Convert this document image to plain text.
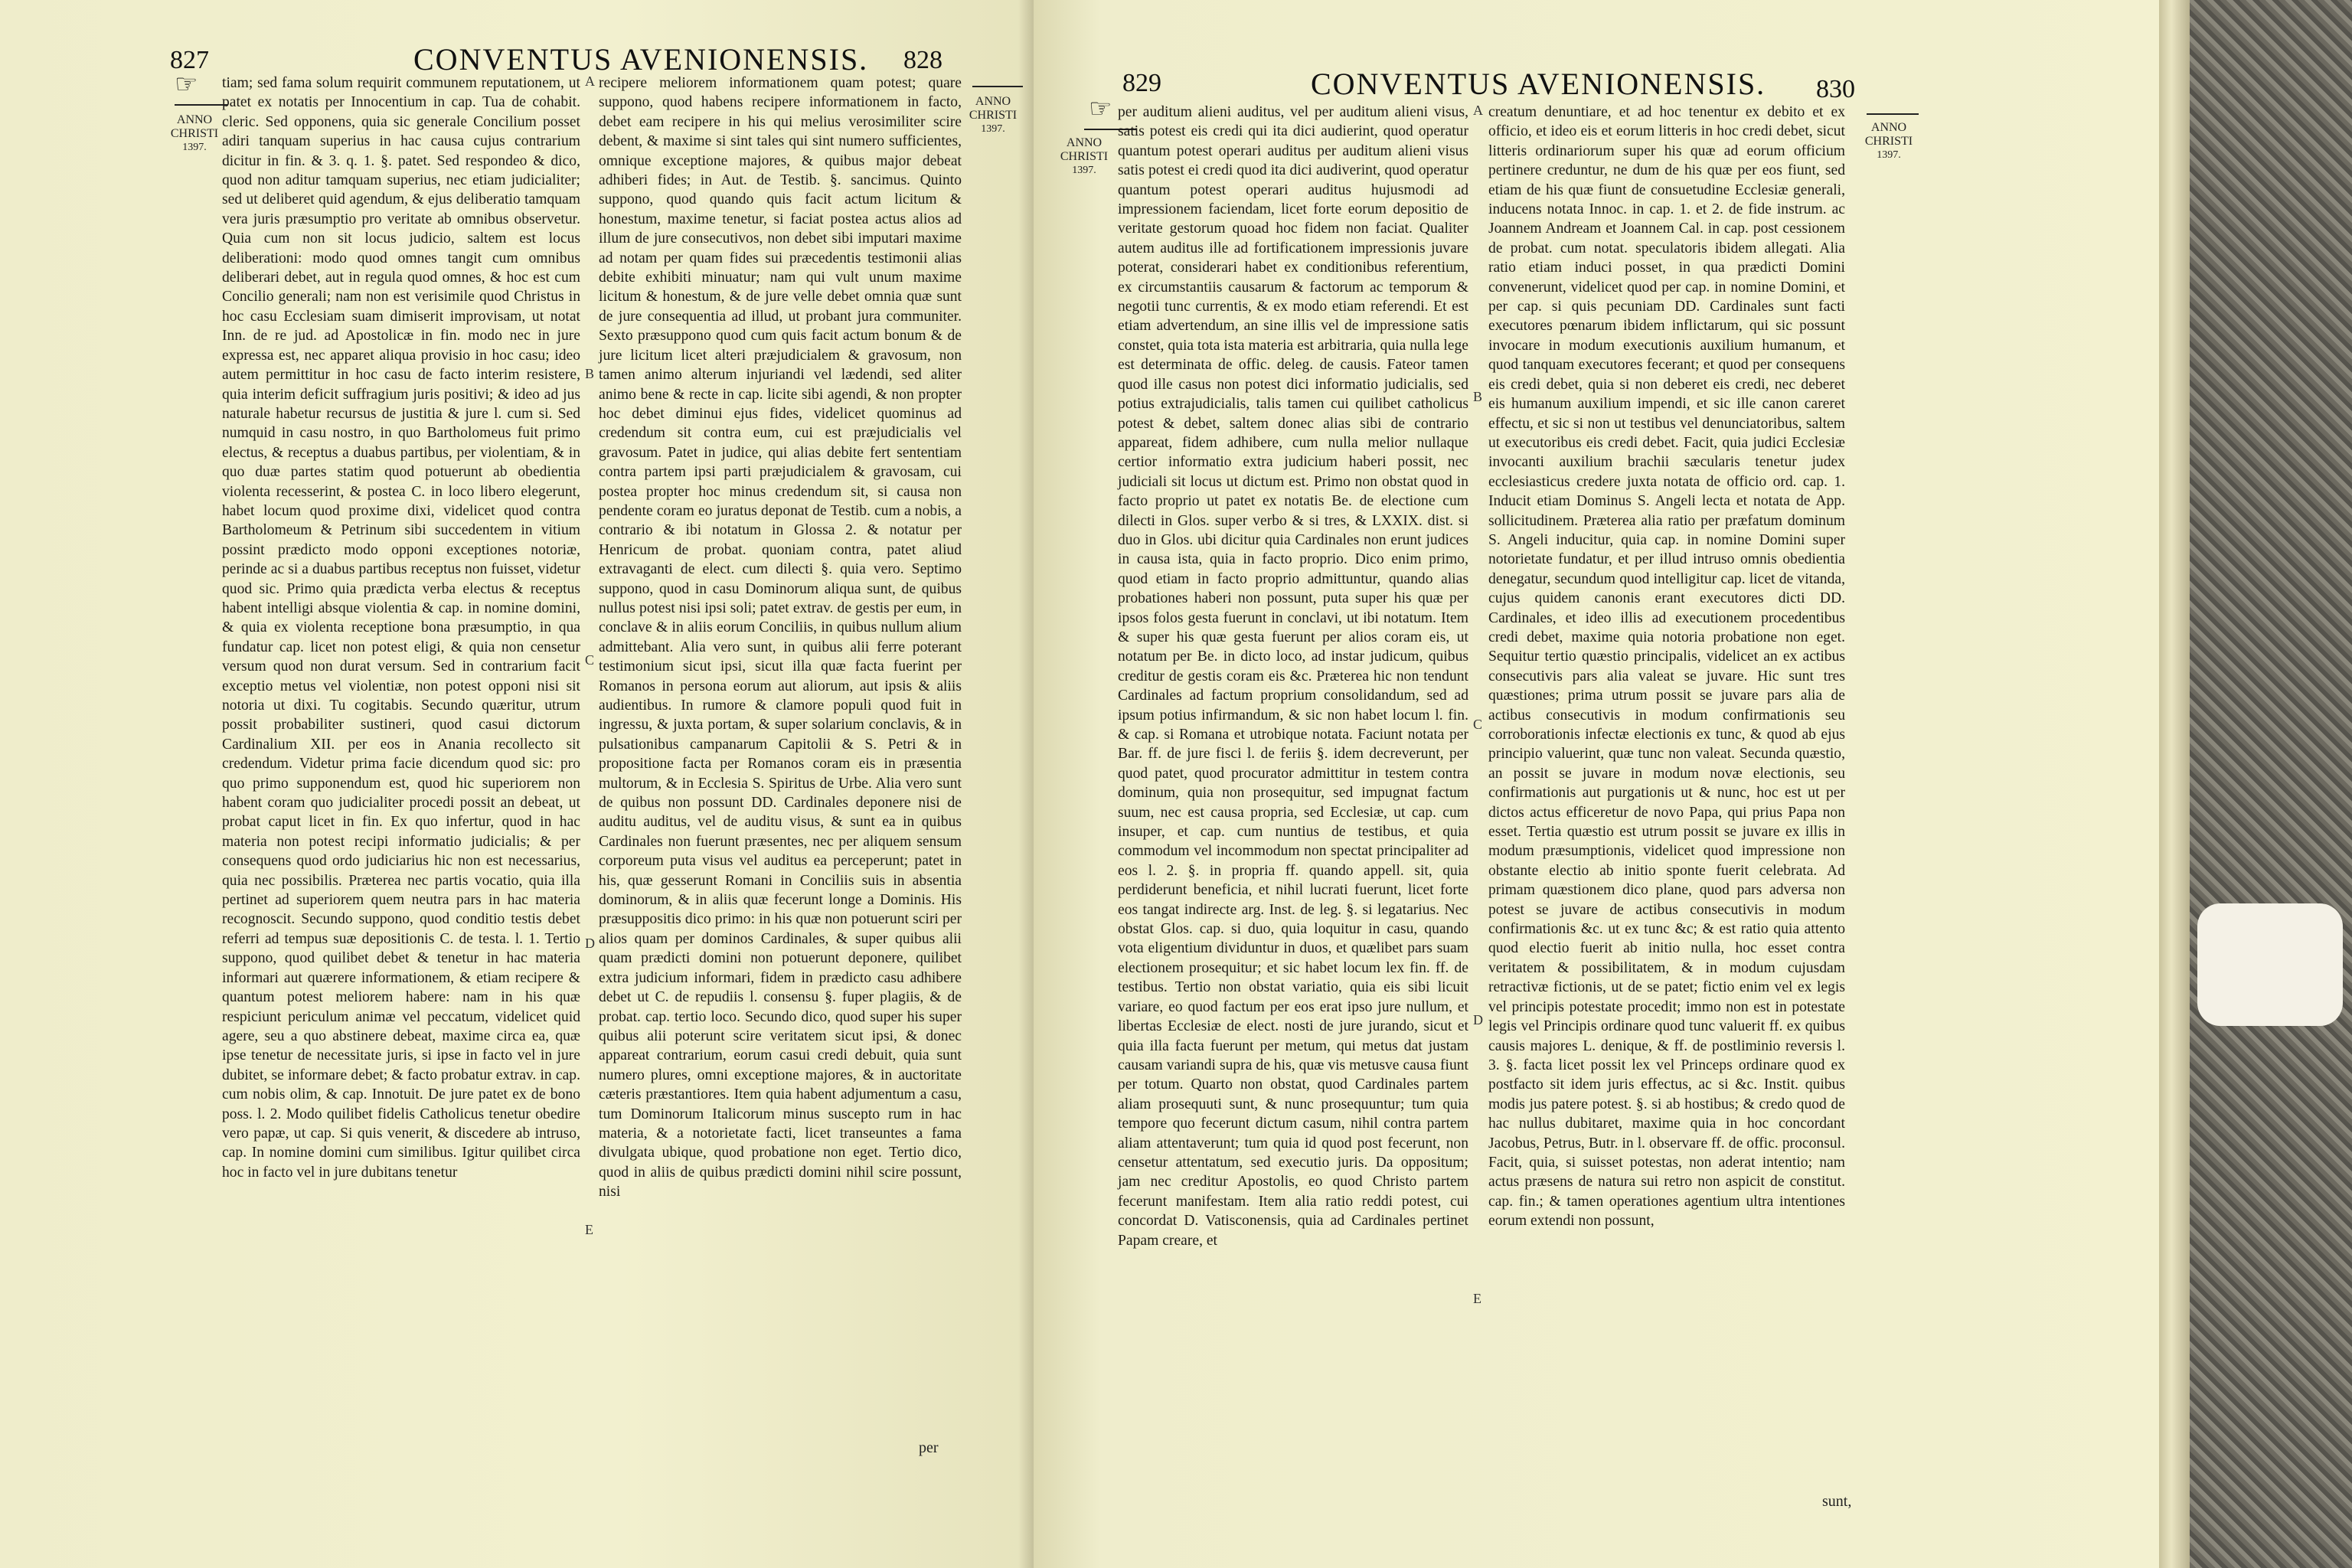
827	CONVENTUS AVENIONENSIS. 828
☞
ANNO CHRISTI
1397.
ANNO CHRISTI
1397.
A
B
C
D
E

tiam; sed fama solum requirit communem reputationem, ut patet ex notatis per Innocentium in cap. Tua de cohabit. cleric. Sed opponens, quia sic generale Concilium posset adiri tanquam superius in hac causa cujus contrarium dicitur in fin. & 3. q. 1. §. patet. Sed respondeo & dico, quod non aditur tamquam superius, nec etiam judicialiter; sed ut deliberet quid agendum, & ejus deliberatio tamquam vera juris præsumptio pro veritate ab omnibus observetur. Quia cum non sit locus judicio, saltem est locus deliberationi: modo quod omnes tangit cum omnibus deliberari debet, aut in regula quod omnes, & hoc est cum Concilio generali; nam non est verisimile quod Christus in hoc casu Ecclesiam suam dimiserit improvisam, ut notat Inn. de re jud. ad Apostolicæ in fin. modo nec in jure expressa est, nec apparet aliqua provisio in hoc casu; ideo autem permittitur in hoc casu de facto interim resistere, quia interim deficit suffragium juris positivi; & ideo ad jus naturale habetur recursus de justitia & jure l. cum si. Sed numquid in casu nostro, in quo Bartholomeus fuit primo electus, & receptus a duabus partibus, per violentiam, & in quo duæ partes statim quod potuerunt ab obedientia violenta recesserint, & postea C. in loco libero elegerunt, habet locum quod proxime dixi, videlicet quod contra Bartholomeum & Petrinum sibi succedentem in vitium possint prædicto modo opponi exceptiones notoriæ, perinde ac si a duabus partibus receptus non fuisset, videtur quod sic. Primo quia prædicta verba electus & receptus habent intelligi absque violentia & cap. in nomine domini, & quia ex violenta receptione bona præsumptio, in qua fundatur cap. licet non potest eligi, & quia non censetur versum quod non durat versum. Sed in contrarium facit exceptio metus vel violentiæ, non potest opponi nisi sit notoria ut dixi. Tu cogitabis. Secundo quæritur, utrum possit probabiliter sustineri, quod casui dictorum Cardinalium XII. per eos in Anania recollecto sit credendum. Videtur prima facie dicendum quod sic: pro quo primo supponendum est, quod hic superiorem non habent coram quo judicialiter procedi possit an debeat, ut probat caput licet in fin. Ex quo infertur, quod in hac materia non potest recipi informatio judicialis; & per consequens quod ordo judiciarius hic non est necessarius, quia nec possibilis. Præterea nec partis vocatio, quia illa pertinet ad superiorem quem neutra pars in hac materia recognoscit. Secundo suppono, quod conditio testis debet referri ad tempus suæ depositionis C. de testa. l. 1. Tertio suppono, quod quilibet debet & tenetur in hac materia informari aut quærere informationem, & etiam recipere & quantum potest meliorem habere: nam in his quæ respiciunt periculum animæ vel peccatum, videlicet quid agere, seu a quo abstinere debeat, maxime circa ea, quæ ipse tenetur de necessitate juris, si ipse in facto vel in jure dubitet, se informare debet; & facto probatur extrav. in cap. cum nobis olim, & cap. Innotuit. De jure patet ex de bono poss. l. 2. Modo quilibet fidelis Catholicus tenetur obedire vero papæ, ut cap. Si quis venerit, & discedere ab intruso, cap. In nomine domini cum similibus. Igitur quilibet circa hoc in facto vel in jure dubitans tenetur

recipere meliorem informationem quam potest; quare suppono, quod habens recipere informationem in facto, debet eam recipere in his qui melius verosimiliter scire debent, & maxime si sint tales qui sint numero sufficientes, omnique exceptione majores, & quibus major debeat adhiberi fides; in Aut. de Testib. §. sancimus. Quinto suppono, quod quando quis facit actum licitum & honestum, maxime tenetur, si faciat postea actus alios ad illum de jure consecutivos, non debet sibi imputari maxime ad notam per quam fides sui præcedentis testimonii alias debite exhibiti minuatur; nam qui vult unum maxime licitum & honestum, & de jure velle debet omnia quæ sunt de jure consequentia ad illud, ut probant jura communiter. Sexto præsuppono quod cum quis facit actum bonum & de jure licitum licet alteri præjudicialem & gravosum, non tamen animo alterum injuriandi vel lædendi, sed aliter animo bene & recte in cap. licite sibi agendi, & non propter hoc debet diminui ejus fides, videlicet quominus ad credendum sit contra eum, cui est præjudicialis vel gravosum. Patet in judice, qui alias debite fert sententiam contra partem ipsi parti præjudicialem & gravosam, cui postea propter hoc minus credendum sit, si causa non pendente coram eo juratus deponat de Testib. cum a nobis, a contrario & ibi notatum in Glossa 2. & notatur per Henricum de probat. quoniam contra, patet aliud extravaganti de elect. cum dilecti §. quia vero. Septimo suppono, quod in casu Dominorum aliqua sunt, de quibus nullus potest nisi ipsi soli; patet extrav. de gestis per eum, in conclave & in aliis eorum Conciliis, in quibus nullum alium admittebant. Alia vero sunt, in quibus alii ferre poterant testimonium sicut ipsi, sicut illa quæ facta fuerint per Romanos in persona eorum aut aliorum, aut ipsis & aliis audientibus. In rumore & clamore populi quod fuit in ingressu, & juxta portam, & super solarium conclavis, & in pulsationibus campanarum Capitolii & S. Petri & in propositione facta per Romanos coram eis in præsentia multorum, & in Ecclesia S. Spiritus de Urbe. Alia vero sunt de quibus non possunt DD. Cardinales deponere nisi de auditu auditus, vel de auditu visus, & sunt ea in quibus Cardinales non fuerunt præsentes, nec per aliquem sensum corporeum puta visus vel auditus ea perceperunt; patet in his, quæ gesserunt Romani in Conciliis suis in absentia dominorum, & in aliis quæ fecerunt longe a Dominis. His præsuppositis dico primo: in his quæ non potuerunt sciri per alios quam per dominos Cardinales, & super quibus alii quam prædicti domini non potuerunt deponere, quilibet extra judicium informari, fidem in prædicto casu adhibere debet ut C. de repudiis l. consensu §. fuper plagiis, & de probat. cap. tertio loco. Secundo dico, quod super his super quibus alii poterunt scire veritatem sicut ipsi, & donec appareat contrarium, eorum casui credi debuit, quia sunt numero plures, omni exceptione majores, & in auctoritate cæteris præstantiores. Item quia habent adjumentum a casu, tum Dominorum Italicorum minus suscepto rum in hac materia, & a notorietate facti, licet transeuntes a fama divulgata ubique, quod probatione non eget. Tertio dico, quod in aliis de quibus prædicti domini nihil scire possunt, nisi

per
829	CONVENTUS AVENIONENSIS. 830
☞
ANNO CHRISTI
1397.
ANNO CHRISTI
1397.
A
B
C
D
E

per auditum alieni auditus, vel per auditum alieni visus, satis potest eis credi qui ita dici audierint, quod operatur quantum potest operari auditus per auditum alieni visus satis potest ei credi quod ita dici audiverint, quod operatur quantum potest operari auditus hujusmodi ad impressionem faciendam, licet forte eorum depositio de veritate gestorum quoad hoc fidem non faciat. Qualiter autem auditus ille ad fortificationem impressionis juvare poterat, considerari habet ex conditionibus referentium, ex circumstantiis causarum & factorum ac temporum & negotii tunc currentis, & ex modo etiam referendi. Et est etiam advertendum, an sine illis vel de impressione satis constet, quia tota ista materia est arbitraria, quia nulla lege est determinata de offic. deleg. de causis. Fateor tamen quod ille casus non potest dici informatio judicialis, sed potius extrajudicialis, talis tamen cui quilibet catholicus potest & debet, saltem donec alias sibi de contrario appareat, fidem adhibere, cum nulla melior nullaque certior informatio extra judicium haberi possit, nec judiciali sit locus ut dictum est. Primo non obstat quod in facto proprio ut patet ex notatis Be. de electione cum dilecti in Glos. super verbo & si tres, & LXXIX. dist. si duo in Glos. ubi dicitur quia Cardinales non erunt judices in causa ista, quia in facto proprio. Dico enim primo, quod etiam in facto proprio admittuntur, quando alias probationes haberi non possunt, puta super his quæ per ipsos folos gesta fuerunt in conclavi, ut ibi notatum. Item & super his quæ gesta fuerunt per alios coram eis, ut notatum per Be. in dicto loco, ad instar judicum, quibus creditur de gestis coram eis &c. Præterea hic non tendunt Cardinales ad factum proprium consolidandum, sed ad ipsum potius infirmandum, & sic non habet locum l. fin. & cap. si Romana et utrobique notata. Faciunt notata per Bar. ff. de jure fisci l. de feriis §. idem decreverunt, per quod patet, quod procurator admittitur in testem contra dominum, quia non prosequitur, sed impugnat factum suum, nec est causa propria, sed Ecclesiæ, ut cap. cum insuper, et cap. cum nuntius de testibus, et quia commodum vel incommodum non spectat principaliter ad eos l. 2. §. in propria ff. quando appell. sit, quia perdiderunt beneficia, et nihil lucrati fuerunt, licet forte eos tangat indirecte arg. Inst. de leg. §. si legatarius. Nec obstat Glos. cap. si duo, quia loquitur in casu, quando vota eligentium dividuntur in duos, et quælibet pars suam electionem prosequitur; et sic habet locum lex fin. ff. de testibus. Tertio non obstat variatio, quia eis sibi licuit variare, eo quod factum per eos erat ipso jure nullum, et libertas Ecclesiæ de elect. nosti de jure jurando, sicut et quia illa facta fuerunt per metum, qui metus dat justam causam variandi supra de his, quæ vis metusve causa fiunt per totum. Quarto non obstat, quod Cardinales partem aliam prosequuti sunt, & nunc prosequuntur; tum quia tempore quo fecerunt dictum casum, nihil contra partem aliam attentaverunt; tum quia id quod post fecerunt, non censetur attentatum, sed executio juris. Da oppositum; jam nec creditur Apostolis, eo quod Christo partem fecerunt manifestam. Item alia ratio reddi potest, cui concordat D. Vatisconensis, quia ad Cardinales pertinet Papam creare, et

creatum denuntiare, et ad hoc tenentur ex debito et ex officio, et ideo eis et eorum litteris in hoc credi debet, sicut litteris ordinariorum super his quæ ad eorum officium pertinere creduntur, ne dum de his quæ per eos fiunt, sed etiam de his quæ fiunt de consuetudine Ecclesiæ generali, inducens notata Innoc. in cap. 1. et 2. de fide instrum. ac Joannem Andream et Joannem Cal. in cap. post cessionem de probat. cum notat. speculatoris ibidem allegati. Alia ratio etiam induci posset, in qua prædicti Domini convenerunt, videlicet quod per cap. in nomine Domini, et per cap. si quis pecuniam DD. Cardinales sunt facti executores pœnarum ibidem inflictarum, qui sic possunt invocare in modum executionis auxilium humanum, et quod tanquam executores fecerant; et quod per consequens eis credi debet, quia si non deberet eis credi, nec deberet eis humanum auxilium impendi, et sic ille canon careret effectu, et sic si non ut testibus vel denunciatoribus, saltem ut executoribus eis credi debet. Facit, quia judici Ecclesiæ invocanti auxilium brachii sæcularis tenetur judex ecclesiasticus credere juxta notata de officio ord. cap. 1. Inducit etiam Dominus S. Angeli lecta et notata de App. sollicitudinem. Præterea alia ratio per præfatum dominum S. Angeli inducitur, quia cap. in nomine Domini super notorietate fundatur, et per illud intruso omnis obedientia denegatur, secundum quod intelligitur cap. licet de vitanda, cujus quidem canonis erant executores dicti DD. Cardinales, et ideo illis ad executionem procedentibus credi debet, maxime quia notoria probatione non eget. Sequitur tertio quæstio principalis, videlicet an ex actibus consecutivis pars alia valeat se juvare. Hic sunt tres quæstiones; prima utrum possit se juvare pars alia de actibus consecutivis in modum confirmationis seu corroborationis infectæ electionis ex tunc, & quod ab ejus principio valuerint, quæ tunc non valeat. Secunda quæstio, an possit se juvare in modum novæ electionis, seu confirmationis aut purgationis ut & nunc, hoc est ut per dictos actus efficeretur de novo Papa, qui prius Papa non esset. Tertia quæstio est utrum possit se juvare ex illis in modum præsumptionis, videlicet quod impressione non obstante electio ab initio sponte fuerit celebrata. Ad primam quæstionem dico plane, quod pars adversa non potest se juvare de actibus consecutivis in modum confirmationis &c. ut ex tunc &c; & est ratio quia attento quod electio fuerit ab initio nulla, hoc esset contra veritatem & possibilitatem, & in modum cujusdam retractivæ fictionis, ut de se patet; fictio enim vel ex legis vel principis potestate procedit; immo non est in potestate legis vel Principis ordinare quod tunc valuerit ff. ex quibus causis majores L. denique, & ff. de postliminio reversis l. 3. §. facta licet possit lex vel Princeps ordinare quod ex postfacto sit idem juris effectus, ac si &c. Instit. quibus modis jus patere potest. §. si ab hostibus; & credo quod de hac nullus dubitaret, maxime quia in hoc concordant Jacobus, Petrus, Butr. in l. observare ff. de offic. proconsul. Facit, quia, si suisset potestas, non aderat intentio; nam actus præsens de natura sui retro non aspicit de constitut. cap. fin.; & tamen operationes agentium ultra intentiones eorum extendi non possunt,

sunt,
